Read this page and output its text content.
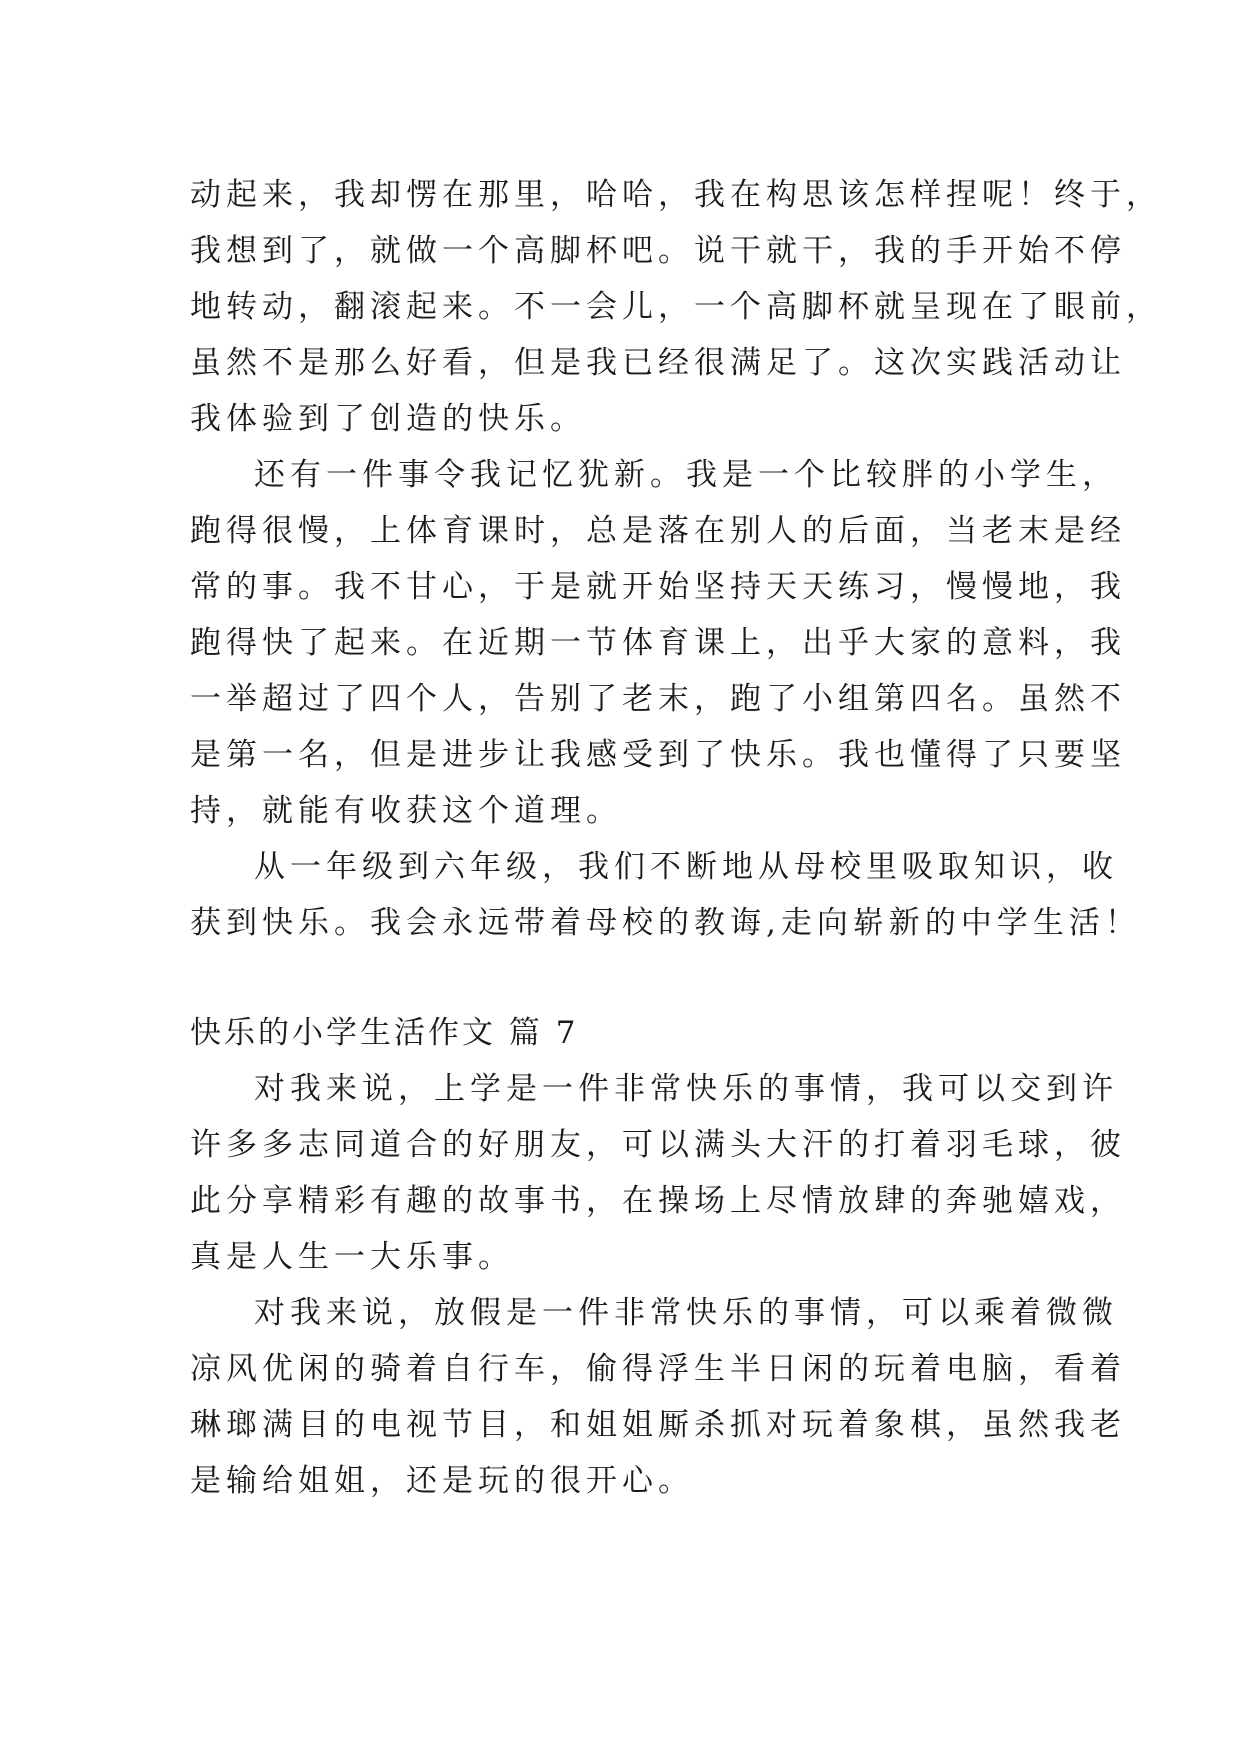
动起来，我却愣在那里，哈哈，我在构思该怎样捏呢！终于，
我想到了，就做一个高脚杯吧。说干就干，我的手开始不停
地转动，翻滚起来。不一会儿，一个高脚杯就呈现在了眼前，
虽然不是那么好看，但是我已经很满足了。这次实践活动让
我体验到了创造的快乐。
还有一件事令我记忆犹新。我是一个比较胖的小学生，
跑得很慢，上体育课时，总是落在别人的后面，当老末是经
常的事。我不甘心，于是就开始坚持天天练习，慢慢地，我
跑得快了起来。在近期一节体育课上，出乎大家的意料，我
一举超过了四个人，告别了老末，跑了小组第四名。虽然不
是第一名，但是进步让我感受到了快乐。我也懂得了只要坚
持，就能有收获这个道理。
从一年级到六年级，我们不断地从母校里吸取知识，收
获到快乐。我会永远带着母校的教诲,走向崭新的中学生活！
快乐的小学生活作文 篇 7
对我来说，上学是一件非常快乐的事情，我可以交到许
许多多志同道合的好朋友，可以满头大汗的打着羽毛球，彼
此分享精彩有趣的故事书，在操场上尽情放肆的奔驰嬉戏，
真是人生一大乐事。
对我来说，放假是一件非常快乐的事情，可以乘着微微
凉风优闲的骑着自行车，偷得浮生半日闲的玩着电脑，看着
琳瑯满目的电视节目，和姐姐厮杀抓对玩着象棋，虽然我老
是输给姐姐，还是玩的很开心。
